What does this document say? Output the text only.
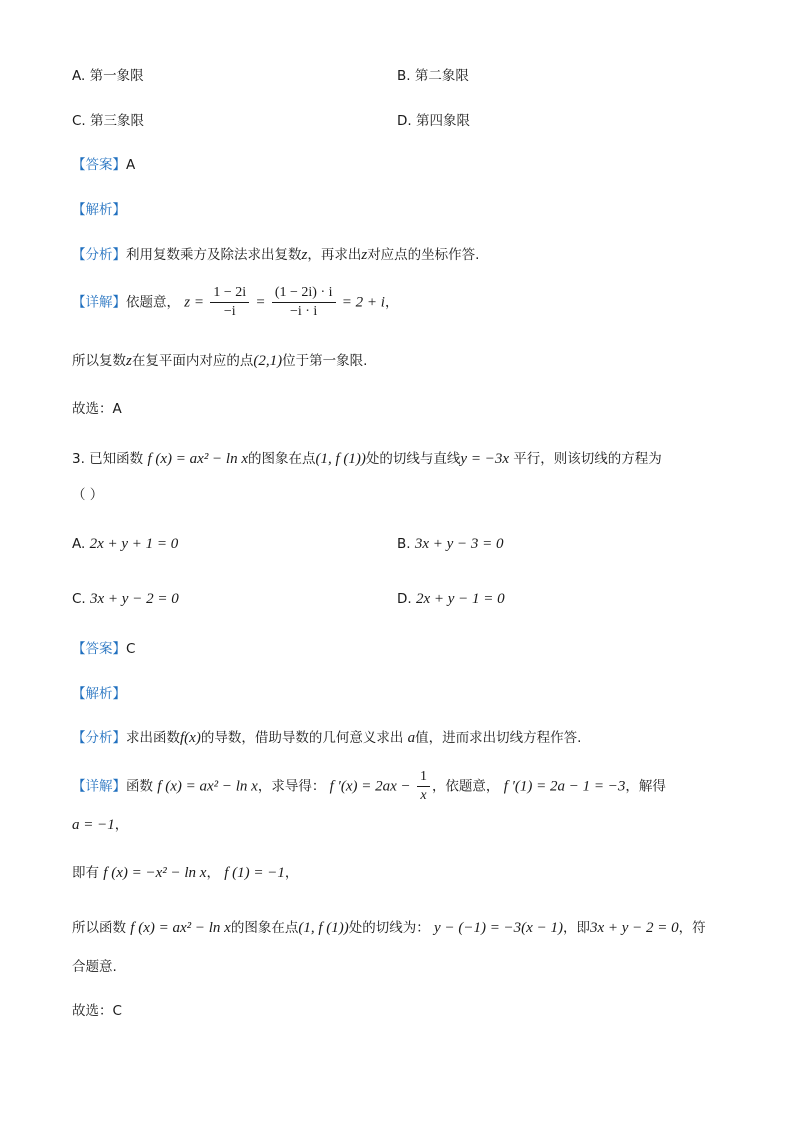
A. 第一象限	B. 第二象限
C. 第三象限	D. 第四象限
【答案】A
【解析】
【分析】利用复数乘方及除法求出复数z，再求出z对应点的坐标作答.
【详解】依题意， $z = \frac{1 - 2i}{-i} = \frac{(1 - 2i) \cdot i}{-i \cdot i} = 2 + i$，
所以复数z在复平面内对应的点(2,1)位于第一象限.
故选：A
3. 已知函数 f (x) = ax² − ln x的图象在点(1, f (1))处的切线与直线y = −3x 平行，则该切线的方程为
（ ）
A. 2x + y + 1 = 0	B. 3x + y − 3 = 0
C. 3x + y − 2 = 0	D. 2x + y − 1 = 0
【答案】C
【解析】
【分析】求出函数f(x)的导数，借助导数的几何意义求出 a值，进而求出切线方程作答.
【详解】函数 f (x) = ax² − ln x，求导得： f $'(x) = 2ax - \frac{1}{x}$ ，依题意， f ′(1) = 2a − 1 = −3，解得
a = −1，
即有 f (x) = −x² − ln x， f (1) = −1，
所以函数 f (x) = ax² − ln x的图象在点(1, f (1))处的切线为： y − (−1) = −3(x − 1)，即3x + y − 2 = 0，符
合题意.
故选：C
